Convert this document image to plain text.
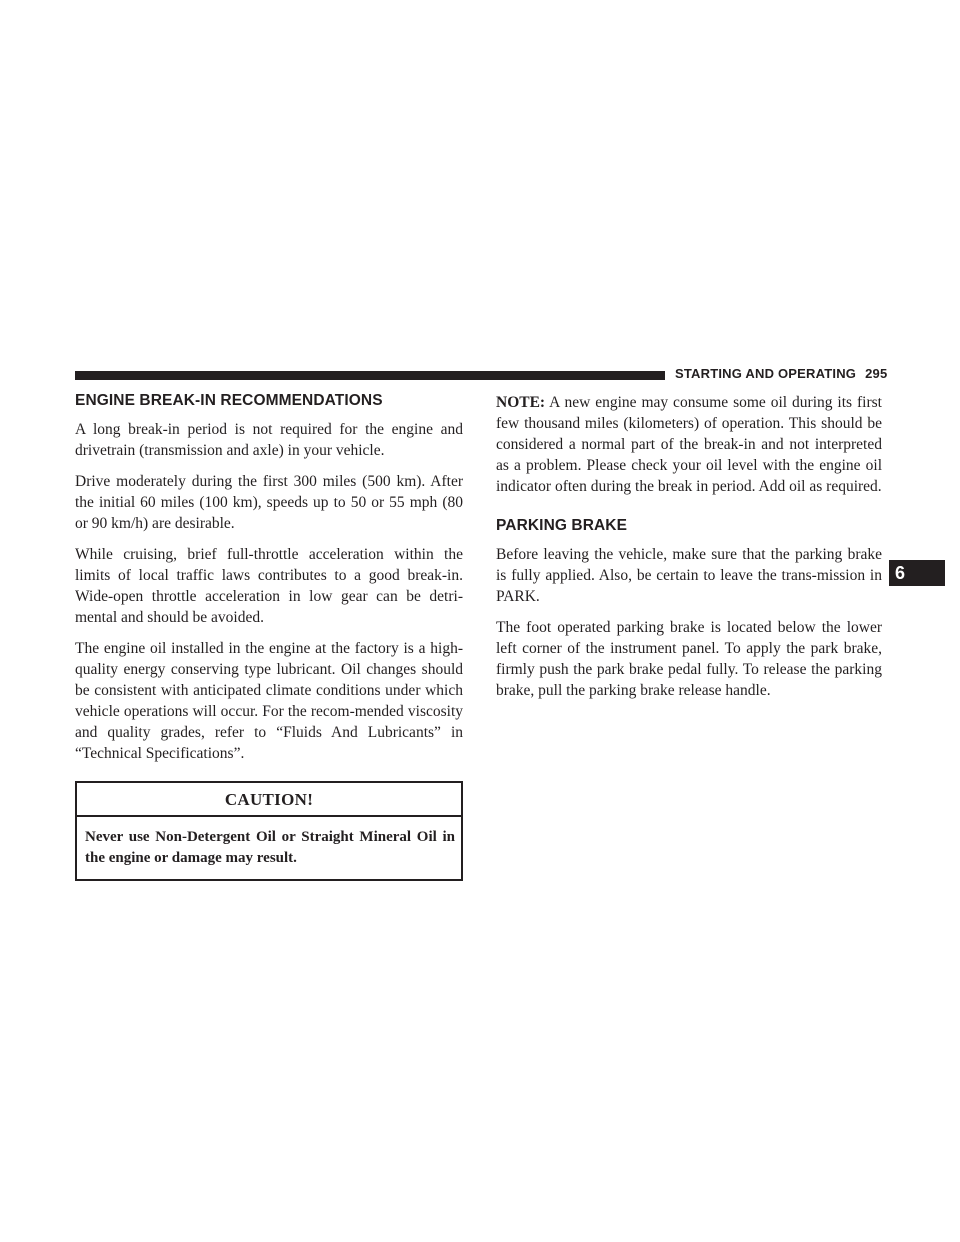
STARTING AND OPERATING 295
6
ENGINE BREAK-IN RECOMMENDATIONS

A long break-in period is not required for the engine and drivetrain (transmission and axle) in your vehicle.

Drive moderately during the first 300 miles (500 km). After the initial 60 miles (100 km), speeds up to 50 or 55 mph (80 or 90 km/h) are desirable.

While cruising, brief full-throttle acceleration within the limits of local traffic laws contributes to a good break-in. Wide-open throttle acceleration in low gear can be detri-mental and should be avoided.

The engine oil installed in the engine at the factory is a high-quality energy conserving type lubricant. Oil changes should be consistent with anticipated climate conditions under which vehicle operations will occur. For the recom-mended viscosity and quality grades, refer to “Fluids And Lubricants” in “Technical Specifications”.

CAUTION!
Never use Non-Detergent Oil or Straight Mineral Oil in the engine or damage may result.

NOTE: A new engine may consume some oil during its first few thousand miles (kilometers) of operation. This should be considered a normal part of the break-in and not interpreted as a problem. Please check your oil level with the engine oil indicator often during the break in period. Add oil as required.

PARKING BRAKE

Before leaving the vehicle, make sure that the parking brake is fully applied. Also, be certain to leave the trans-mission in PARK.

The foot operated parking brake is located below the lower left corner of the instrument panel. To apply the park brake, firmly push the park brake pedal fully. To release the parking brake, pull the parking brake release handle.
